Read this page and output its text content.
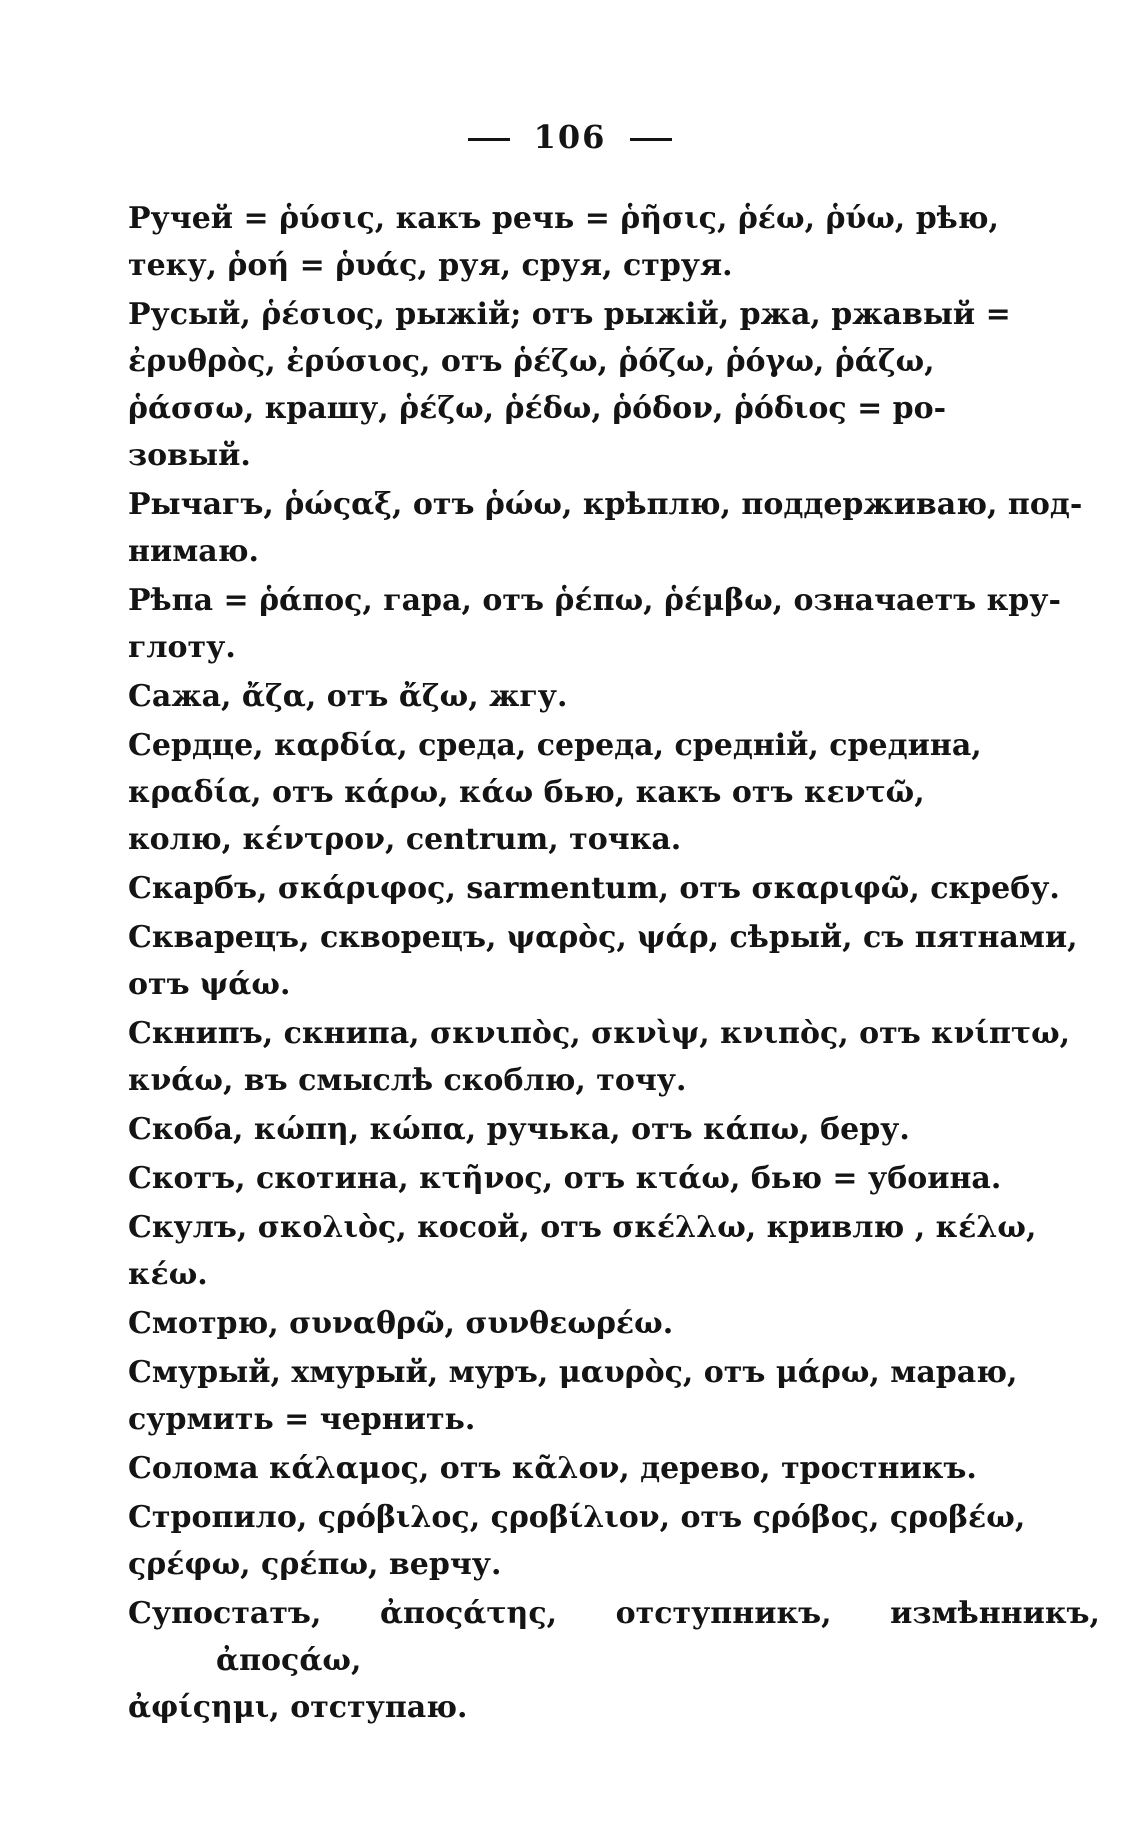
106

Ручей = ῥύσις, какъ речь = ῥῆσις, ῥέω, ῥύω, рѣю,
теку, ῥοή = ῥυάς, руя, сруя, струя.

Русый, ῥέσιος, рыжій; отъ рыжій, ржа, ржавый =
ἐρυθρὸς, ἐρύσιος, отъ ῥέζω, ῥόζω, ῥόγω, ῥάζω,
ῥάσσω, крашу, ῥέζω, ῥέδω, ῥόδον, ῥόδιος = ро-
зовый.

Рычагъ, ῥώςαξ, отъ ῥώω, крѣплю, поддерживаю, под-
нимаю.

Рѣпа = ῥάπος, гара, отъ ῥέπω, ῥέμβω, означаетъ кру-
глоту.

Сажа, ἄζα, отъ ἄζω, жгу.

Сердце, καρδία, среда, середа, средній, средина,
κραδία, отъ κάρω, κάω бью, какъ отъ κεντῶ,
колю, κέντρον, centrum, точка.

Скарбъ, σκάριφος, sarmentum, отъ σκαριφῶ, скребу.

Скварецъ, скворецъ, ψαρὸς, ψάρ, сѣрый, съ пятнами,
отъ ψάω.

Скнипъ, скнипа, σκνιπὸς, σκνὶψ, κνιπὸς, отъ κνίπτω,
κνάω, въ смыслѣ скоблю, точу.

Скоба, κώπη, κώπα, ручька, отъ κάπω, беру.

Скотъ, скотина, κτῆνος, отъ κτάω, бью = убоина.

Скулъ, σκολιὸς, косой, отъ σκέλλω, кривлю , κέλω,
κέω.

Смотрю, συναθρῶ, συνθεωρέω.

Смурый, хмурый, муръ, μαυρὸς, отъ μάρω, мараю,
сурмить = чернить.

Солома κάλαμος, отъ κᾶλον, дерево, тростникъ.

Стропило, ςρόβιλος, ςροβίλιον, отъ ςρόβος, ςροβέω,
ςρέφω, ςρέπω, верчу.

Супостатъ, ἀποςάτης, отступникъ, измѣнникъ, ἀποςάω,
ἀφίςημι, отступаю.
